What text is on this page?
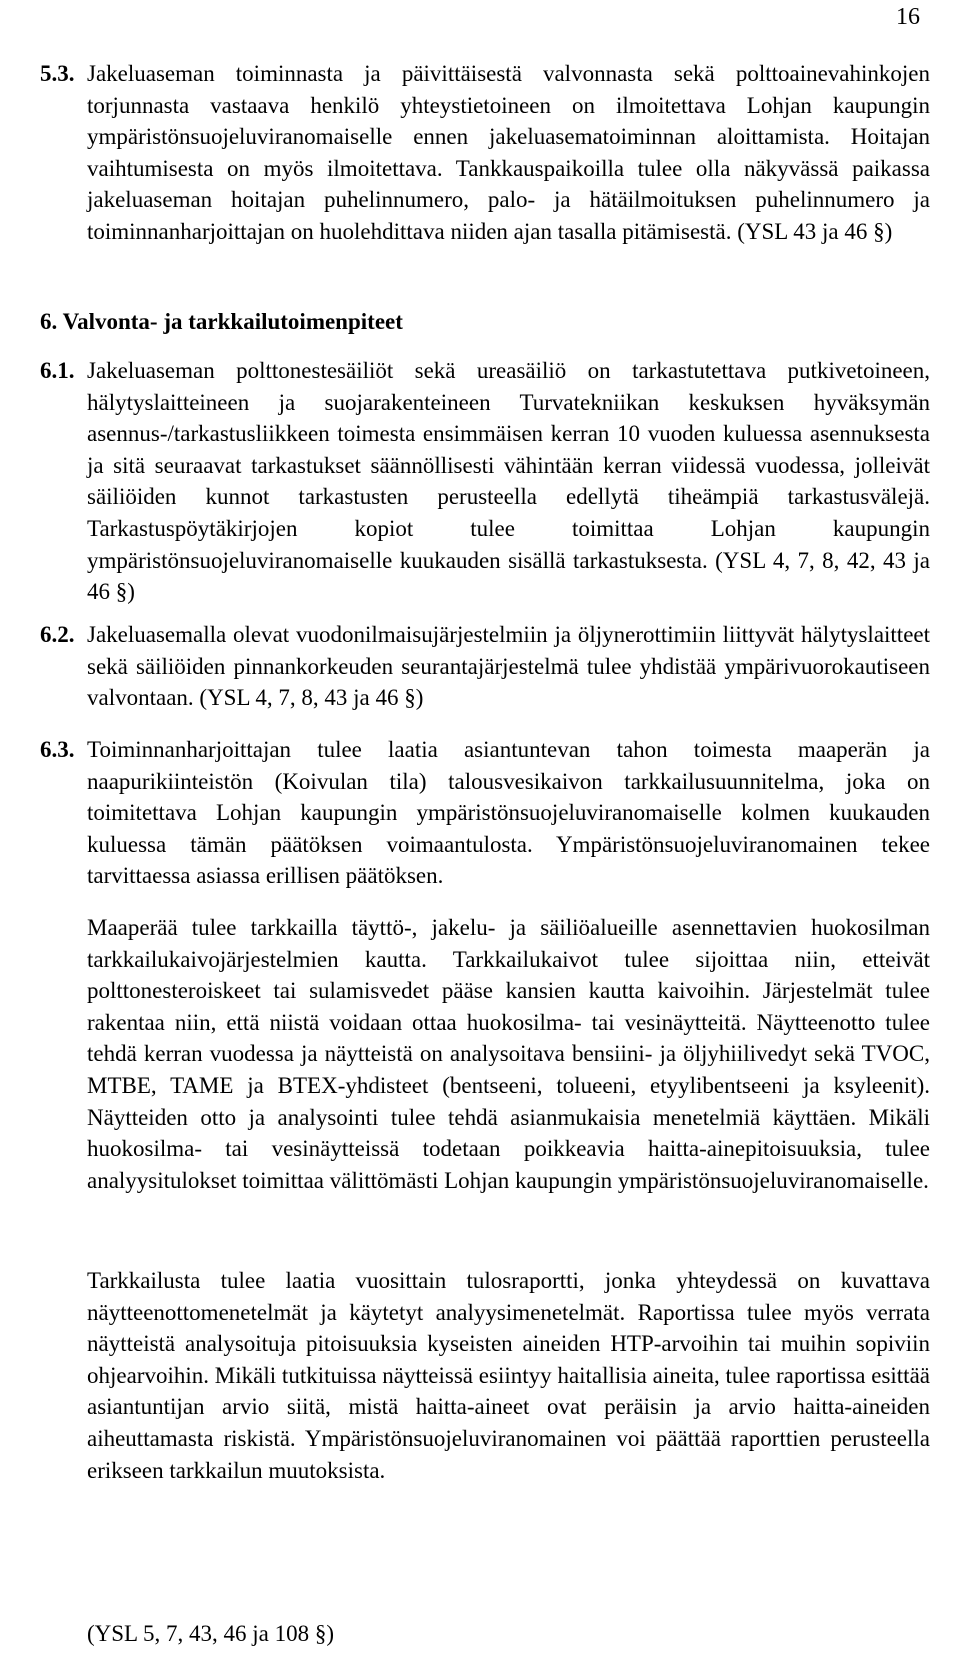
16
5.3. Jakeluaseman toiminnasta ja päivittäisestä valvonnasta sekä polttoainevahinkojen torjunnasta vastaava henkilö yhteystietoineen on ilmoitettava Lohjan kaupungin ympäristönsuojeluviranomaiselle ennen jakeluasematoiminnan aloittamista. Hoitajan vaihtumisesta on myös ilmoitettava. Tankkauspaikoilla tulee olla näkyvässä paikassa jakeluaseman hoitajan puhelinnumero, palo- ja hätäilmoituksen puhelinnumero ja toiminnanharjoittajan on huolehdittava niiden ajan tasalla pitämisestä. (YSL 43 ja 46 §)
6. Valvonta- ja tarkkailutoimenpiteet
6.1. Jakeluaseman polttonestesäiliöt sekä ureasäiliö on tarkastutettava putkivetoineen, hälytyslaitteineen ja suojarakenteineen Turvatekniikan keskuksen hyväksymän asennus-/tarkastusliikkeen toimesta ensimmäisen kerran 10 vuoden kuluessa asennuksesta ja sitä seuraavat tarkastukset säännöllisesti vähintään kerran viidessä vuodessa, jolleivät säiliöiden kunnot tarkastusten perusteella edellytä tiheämpiä tarkastusvälejä. Tarkastuspöytäkirjojen kopiot tulee toimittaa Lohjan kaupungin ympäristönsuojeluviranomaiselle kuukauden sisällä tarkastuksesta. (YSL 4, 7, 8, 42, 43 ja 46 §)
6.2. Jakeluasemalla olevat vuodonilmaisujärjestelmiin ja öljynerottimiin liittyvät hälytyslaitteet sekä säiliöiden pinnankorkeuden seurantajärjestelmä tulee yhdistää ympärivuorokautiseen valvontaan. (YSL 4, 7, 8, 43 ja 46 §)
6.3. Toiminnanharjoittajan tulee laatia asiantuntevan tahon toimesta maaperän ja naapurikiinteistön (Koivulan tila) talousvesikaivon tarkkailusuunnitelma, joka on toimitettava Lohjan kaupungin ympäristönsuojeluviranomaiselle kolmen kuukauden kuluessa tämän päätöksen voimaantulosta. Ympäristönsuojeluviranomainen tekee tarvittaessa asiassa erillisen päätöksen.
Maaperää tulee tarkkailla täyttö-, jakelu- ja säiliöalueille asennettavien huokosilman tarkkailukaivojärjestelmien kautta. Tarkkailukaivot tulee sijoittaa niin, etteivät polttonesteroiskeet tai sulamisvedet pääse kansien kautta kaivoihin. Järjestelmät tulee rakentaa niin, että niistä voidaan ottaa huokosilma- tai vesinäytteitä. Näytteenotto tulee tehdä kerran vuodessa ja näytteistä on analysoitava bensiini- ja öljyhiilivedyt sekä TVOC, MTBE, TAME ja BTEX-yhdisteet (bentseeni, tolueeni, etyylibentseeni ja ksyleenit). Näytteiden otto ja analysointi tulee tehdä asianmukaisia menetelmiä käyttäen. Mikäli huokosilma- tai vesinäytteissä todetaan poikkeavia haitta-ainepitoisuuksia, tulee analyysitulokset toimittaa välittömästi Lohjan kaupungin ympäristönsuojeluviranomaiselle.
Tarkkailusta tulee laatia vuosittain tulosraportti, jonka yhteydessä on kuvattava näytteenottomenetelmät ja käytetyt analyysimenetelmät. Raportissa tulee myös verrata näytteistä analysoituja pitoisuuksia kyseisten aineiden HTP-arvoihin tai muihin sopiviin ohjearvoihin. Mikäli tutkituissa näytteissä esiintyy haitallisia aineita, tulee raportissa esittää asiantuntijan arvio siitä, mistä haitta-aineet ovat peräisin ja arvio haitta-aineiden aiheuttamasta riskistä. Ympäristönsuojeluviranomainen voi päättää raporttien perusteella erikseen tarkkailun muutoksista.
(YSL 5, 7, 43, 46 ja 108 §)
